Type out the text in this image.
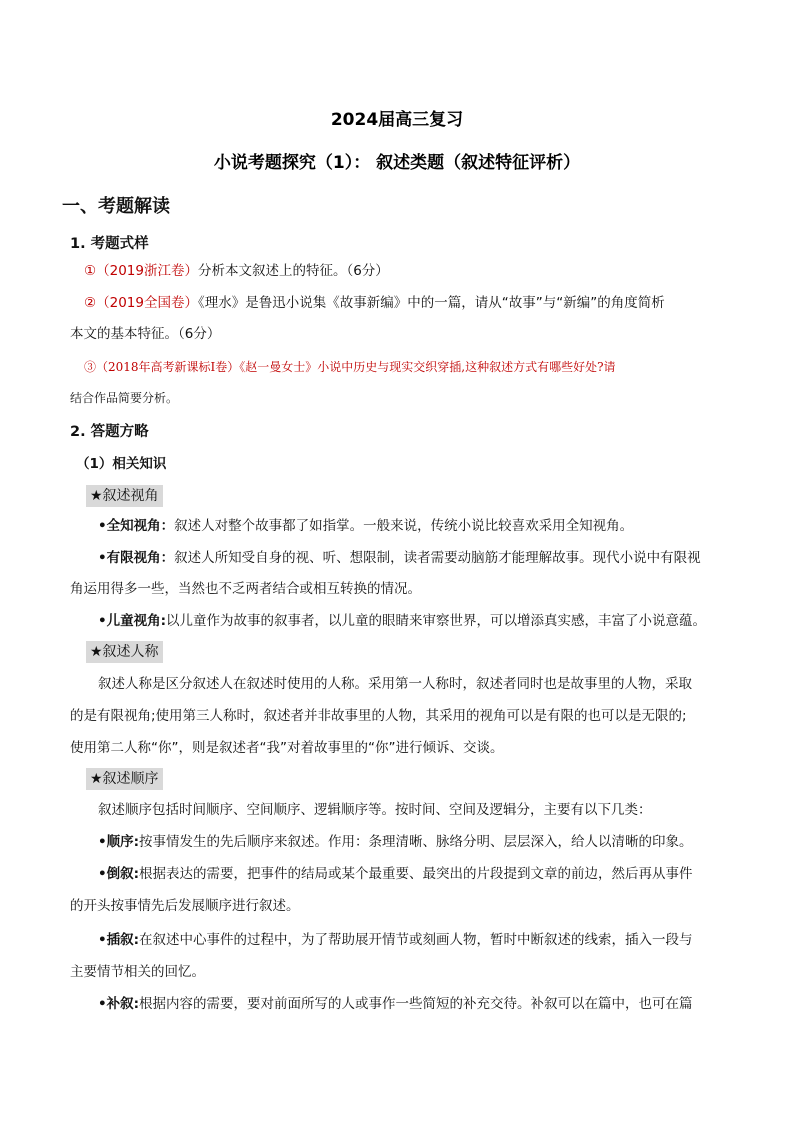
2024届高三复习
小说考题探究（1）： 叙述类题（叙述特征评析）
一、考题解读
1. 考题式样
①（2019浙江卷）分析本文叙述上的特征。（6分）
②（2019全国卷）《理水》是鲁迅小说集《故事新编》中的一篇，请从“故事”与“新编”的角度简析
本文的基本特征。（6分）
③（2018年高考新课标Ⅰ卷）《赵一曼女士》小说中历史与现实交织穿插,这种叙述方式有哪些好处?请
结合作品简要分析。
2. 答题方略
（1）相关知识
★叙述视角
•全知视角：叙述人对整个故事都了如指掌。一般来说，传统小说比较喜欢采用全知视角。
•有限视角：叙述人所知受自身的视、听、想限制，读者需要动脑筋才能理解故事。现代小说中有限视
角运用得多一些，当然也不乏两者结合或相互转换的情况。
•儿童视角:以儿童作为故事的叙事者，以儿童的眼睛来审察世界，可以增添真实感，丰富了小说意蕴。
★叙述人称
叙述人称是区分叙述人在叙述时使用的人称。采用第一人称时，叙述者同时也是故事里的人物，采取
的是有限视角;使用第三人称时，叙述者并非故事里的人物，其采用的视角可以是有限的也可以是无限的;
使用第二人称“你”，则是叙述者“我”对着故事里的“你”进行倾诉、交谈。
★叙述顺序
叙述顺序包括时间顺序、空间顺序、逻辑顺序等。按时间、空间及逻辑分，主要有以下几类：
•顺序:按事情发生的先后顺序来叙述。作用：条理清晰、脉络分明、层层深入，给人以清晰的印象。
•倒叙:根据表达的需要，把事件的结局或某个最重要、最突出的片段提到文章的前边，然后再从事件
的开头按事情先后发展顺序进行叙述。
•插叙:在叙述中心事件的过程中，为了帮助展开情节或刻画人物，暂时中断叙述的线索，插入一段与
主要情节相关的回忆。
•补叙:根据内容的需要，要对前面所写的人或事作一些简短的补充交待。补叙可以在篇中，也可在篇
